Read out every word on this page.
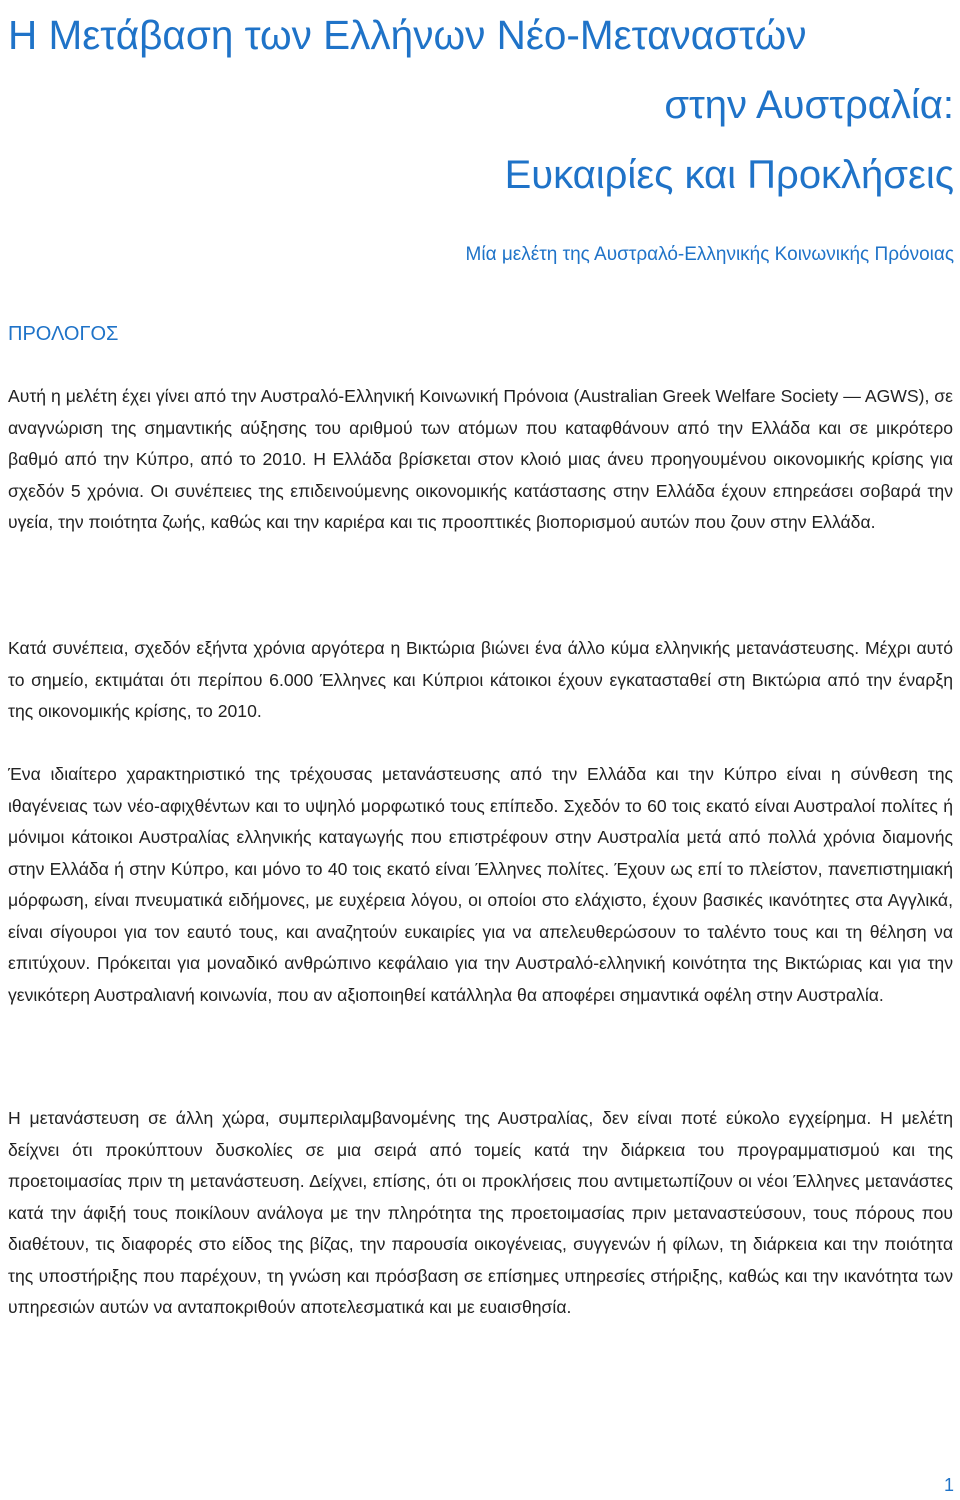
Η Μετάβαση των Ελλήνων Νέο-Μεταναστών
στην Αυστραλία:
Ευκαιρίες και Προκλήσεις
Μία μελέτη της Αυστραλό-Ελληνικής Κοινωνικής Πρόνοιας
ΠΡΟΛΟΓΟΣ

Αυτή η μελέτη έχει γίνει από την Αυστραλό-Ελληνική Κοινωνική Πρόνοια (Australian Greek Welfare Society — AGWS), σε αναγνώριση της σημαντικής αύξησης του αριθμού των ατόμων που καταφθάνουν από την Ελλάδα και σε μικρότερο βαθμό από την Κύπρο, από το 2010. Η Ελλάδα βρίσκεται στον κλοιό μιας άνευ προηγουμένου οικονομικής κρίσης για σχεδόν 5 χρόνια. Οι συνέπειες της επιδεινούμενης οικονομικής κατάστασης στην Ελλάδα έχουν επηρεάσει σοβαρά την υγεία, την ποιότητα ζωής, καθώς και την καριέρα και τις προοπτικές βιοπορισμού αυτών που ζουν στην Ελλάδα.

Κατά συνέπεια, σχεδόν εξήντα χρόνια αργότερα η Βικτώρια βιώνει ένα άλλο κύμα ελληνικής μετανάστευσης. Μέχρι αυτό το σημείο, εκτιμάται ότι περίπου 6.000 Έλληνες και Κύπριοι κάτοικοι έχουν εγκατασταθεί στη Βικτώρια από την έναρξη της οικονομικής κρίσης, το 2010.

Ένα ιδιαίτερο χαρακτηριστικό της τρέχουσας μετανάστευσης από την Ελλάδα και την Κύπρο είναι η σύνθεση της ιθαγένειας των νέο-αφιχθέντων και το υψηλό μορφωτικό τους επίπεδο. Σχεδόν το 60 τοις εκατό είναι Αυστραλοί πολίτες ή μόνιμοι κάτοικοι Αυστραλίας ελληνικής καταγωγής που επιστρέφουν στην Αυστραλία μετά από πολλά χρόνια διαμονής στην Ελλάδα ή στην Κύπρο, και μόνο το 40 τοις εκατό είναι Έλληνες πολίτες. Έχουν ως επί το πλείστον, πανεπιστημιακή μόρφωση, είναι πνευματικά ειδήμονες, με ευχέρεια λόγου, οι οποίοι στο ελάχιστο, έχουν βασικές ικανότητες στα Αγγλικά, είναι σίγουροι για τον εαυτό τους, και αναζητούν ευκαιρίες για να απελευθερώσουν το ταλέντο τους και τη θέληση να επιτύχουν. Πρόκειται για μοναδικό ανθρώπινο κεφάλαιο για την Αυστραλό-ελληνική κοινότητα της Βικτώριας και για την γενικότερη Αυστραλιανή κοινωνία, που αν αξιοποιηθεί κατάλληλα θα αποφέρει σημαντικά οφέλη στην Αυστραλία.

Η μετανάστευση σε άλλη χώρα, συμπεριλαμβανομένης της Αυστραλίας, δεν είναι ποτέ εύκολο εγχείρημα. Η μελέτη δείχνει ότι προκύπτουν δυσκολίες σε μια σειρά από τομείς κατά την διάρκεια του προγραμματισμού και της προετοιμασίας πριν τη μετανάστευση. Δείχνει, επίσης, ότι οι προκλήσεις που αντιμετωπίζουν οι νέοι Έλληνες μετανάστες κατά την άφιξή τους ποικίλουν ανάλογα με την πληρότητα της προετοιμασίας πριν μεταναστεύσουν, τους πόρους που διαθέτουν, τις διαφορές στο είδος της βίζας, την παρουσία οικογένειας, συγγενών ή φίλων, τη διάρκεια και την ποιότητα της υποστήριξης που παρέχουν, τη γνώση και πρόσβαση σε επίσημες υπηρεσίες στήριξης, καθώς και την ικανότητα των υπηρεσιών αυτών να ανταποκριθούν αποτελεσματικά και με ευαισθησία.

1
